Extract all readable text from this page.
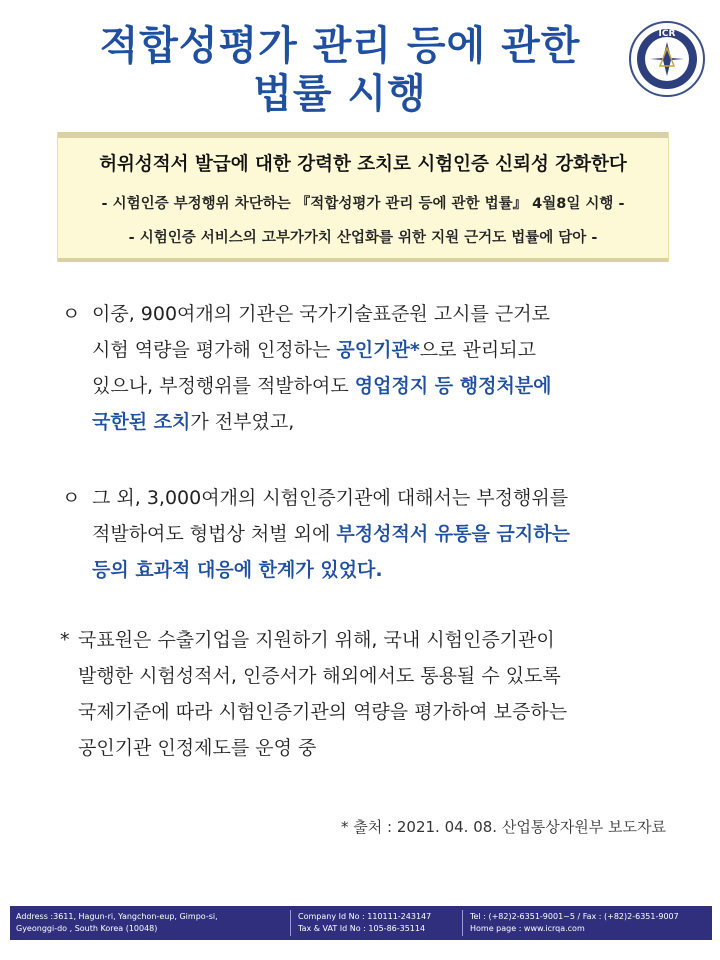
적합성평가 관리 등에 관한
법률 시행
ICR
허위성적서 발급에 대한 강력한 조치로 시험인증 신뢰성 강화한다
- 시험인증 부정행위 차단하는 『적합성평가 관리 등에 관한 법률』 4월8일 시행 -
- 시험인증 서비스의 고부가가치 산업화를 위한 지원 근거도 법률에 담아 -
ㅇ 이중, 900여개의 기관은 국가기술표준원 고시를 근거로
시험 역량을 평가해 인정하는 공인기관*으로 관리되고
있으나, 부정행위를 적발하여도 영업정지 등 행정처분에
국한된 조치가 전부였고,
ㅇ 그 외, 3,000여개의 시험인증기관에 대해서는 부정행위를
적발하여도 형법상 처벌 외에 부정성적서 유통을 금지하는
등의 효과적 대응에 한계가 있었다.
* 국표원은 수출기업을 지원하기 위해, 국내 시험인증기관이
발행한 시험성적서, 인증서가 해외에서도 통용될 수 있도록
국제기준에 따라 시험인증기관의 역량을 평가하여 보증하는
공인기관 인정제도를 운영 중
* 출처 : 2021. 04. 08. 산업통상자원부 보도자료
Address :3611, Hagun-ri, Yangchon-eup, Gimpo-si,
Gyeonggi-do , South Korea (10048)
Company Id No : 110111-243147
Tax & VAT Id No : 105-86-35114
Tel : (+82)2-6351-9001~5 / Fax : (+82)2-6351-9007
Home page : www.icrqa.com
